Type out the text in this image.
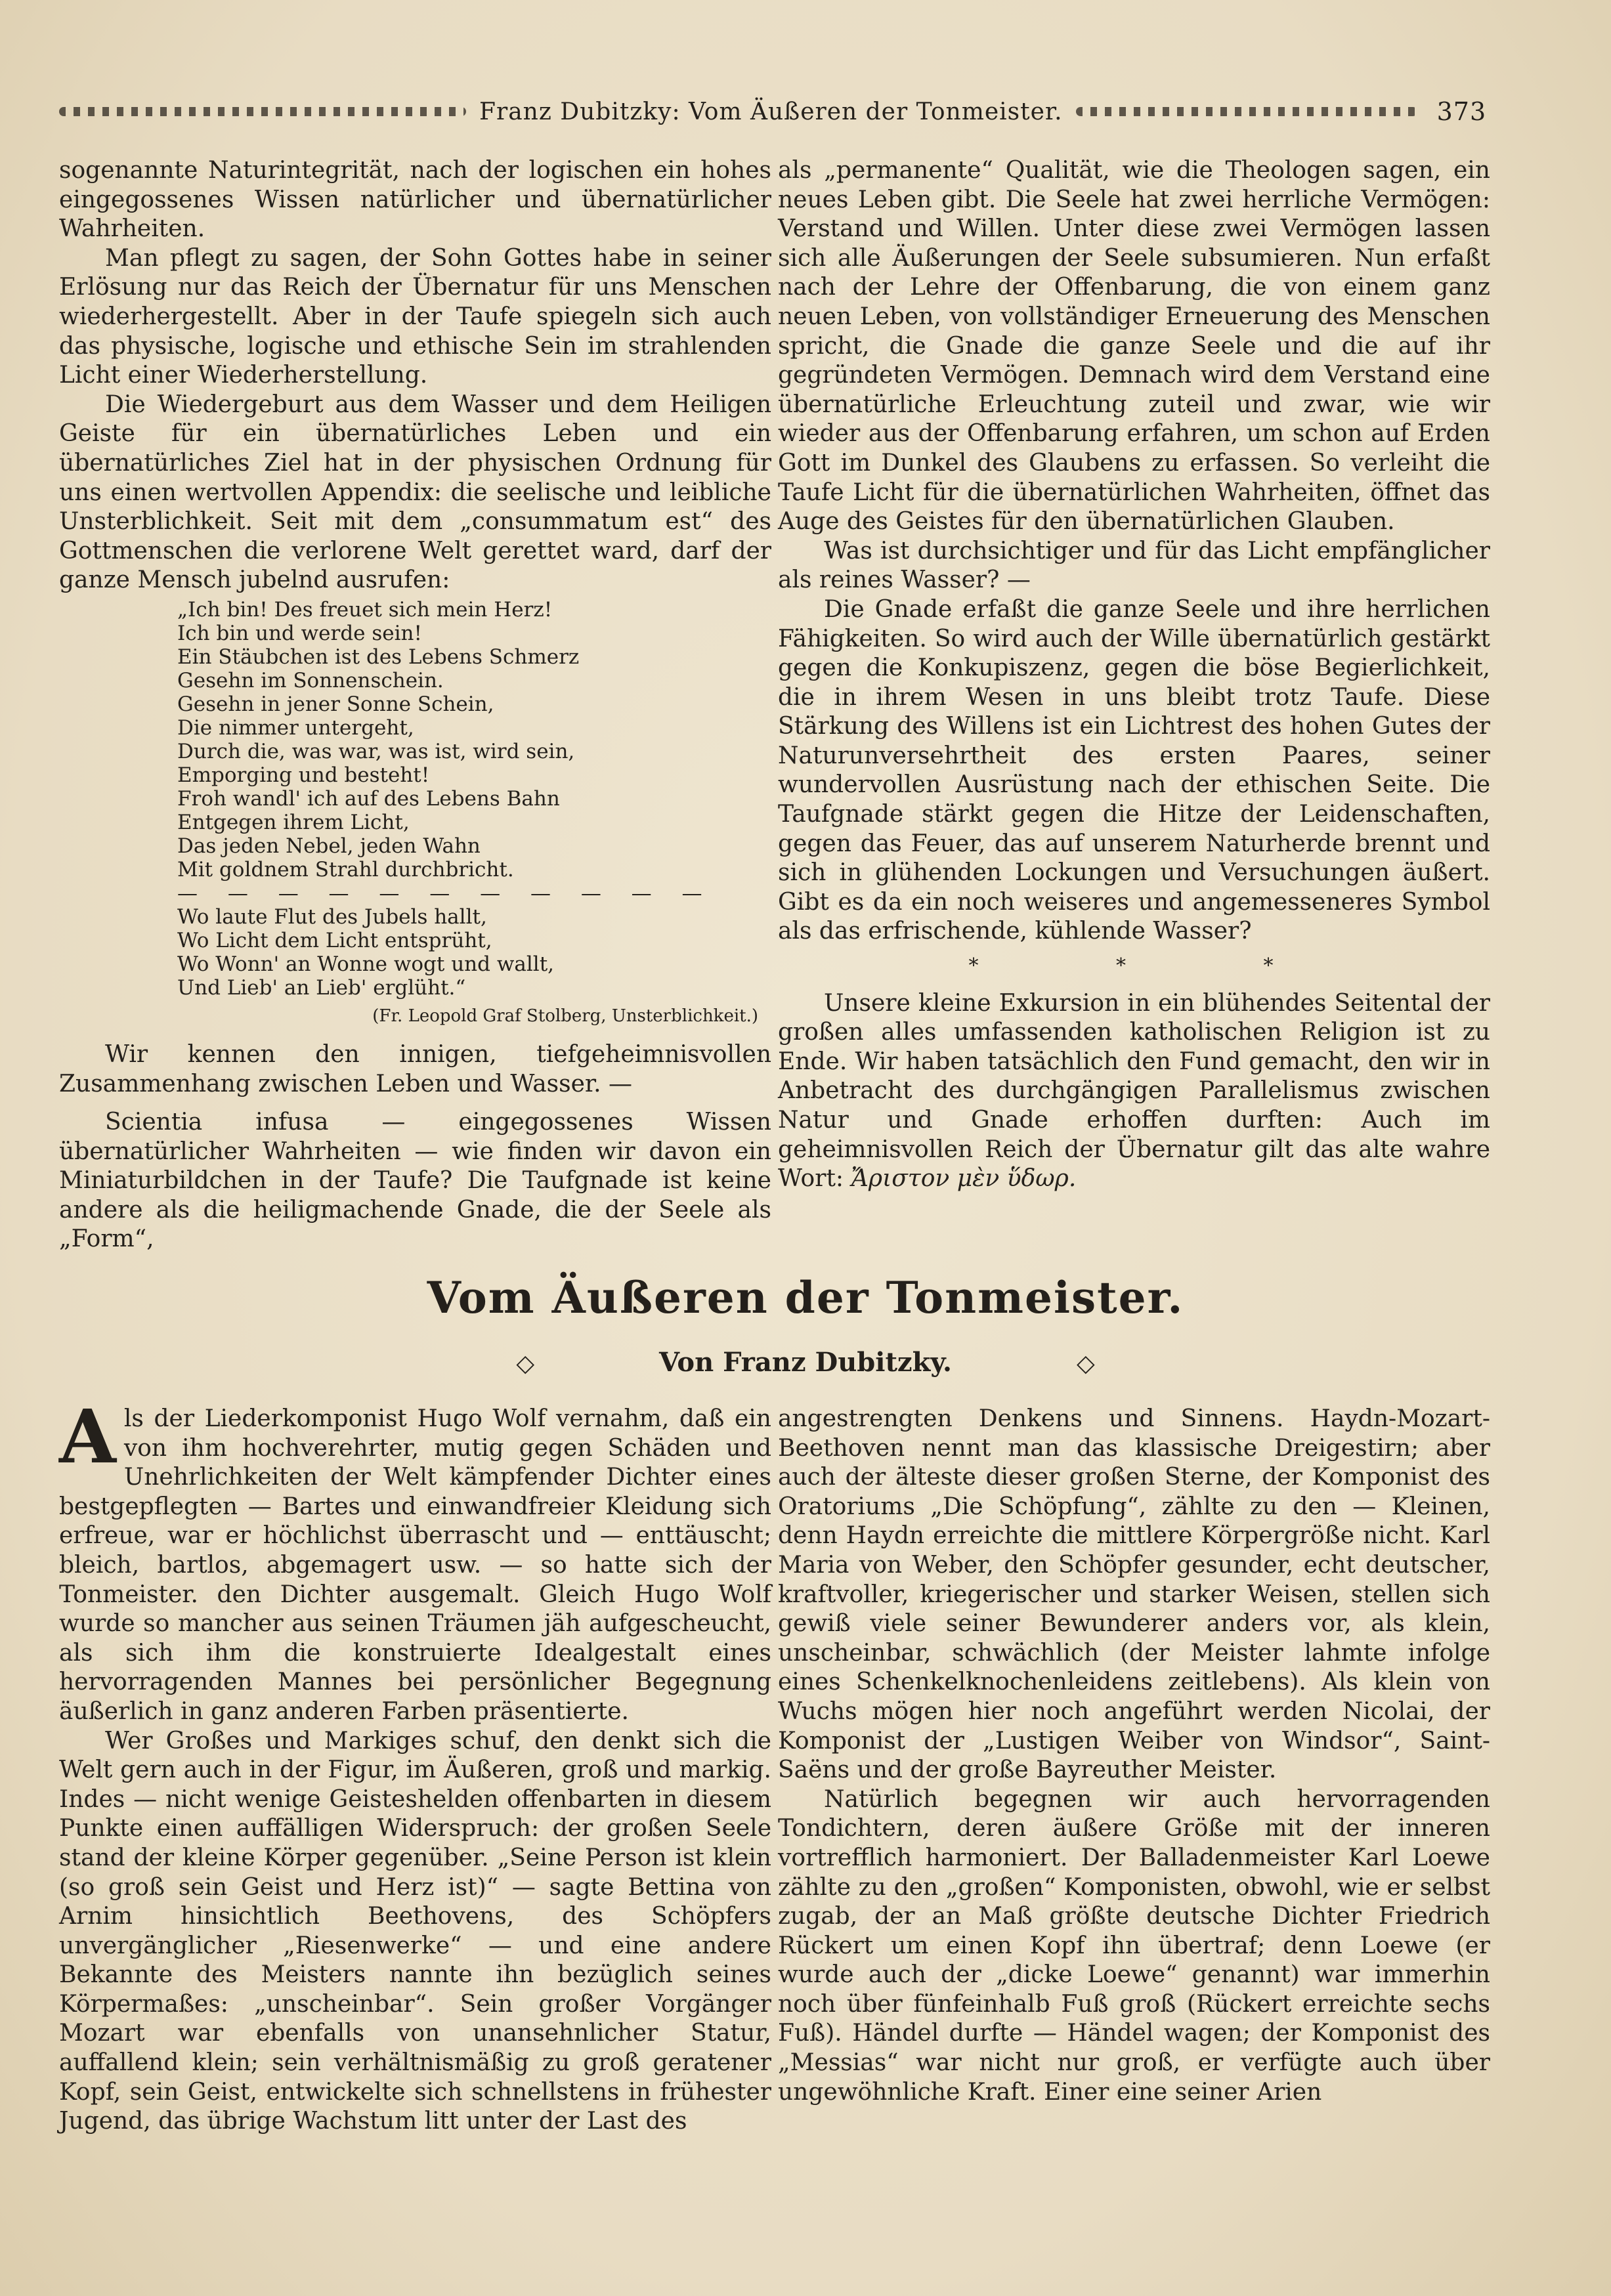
Franz Dubitzky: Vom Äußeren der Tonmeister.	373

sogenannte Naturintegrität, nach der logischen ein hohes eingegossenes Wissen natürlicher und übernatürlicher Wahrheiten.

Man pflegt zu sagen, der Sohn Gottes habe in seiner Erlösung nur das Reich der Übernatur für uns Menschen wiederhergestellt. Aber in der Taufe spiegeln sich auch das physische, logische und ethische Sein im strahlenden Licht einer Wiederherstellung.

Die Wiedergeburt aus dem Wasser und dem Heiligen Geiste für ein übernatürliches Leben und ein übernatürliches Ziel hat in der physischen Ordnung für uns einen wertvollen Appendix: die seelische und leibliche Unsterblichkeit. Seit mit dem „consummatum est“ des Gottmenschen die verlorene Welt gerettet ward, darf der ganze Mensch jubelnd ausrufen:

„Ich bin! Des freuet sich mein Herz!
Ich bin und werde sein!
Ein Stäubchen ist des Lebens Schmerz
Gesehn im Sonnenschein.
Gesehn in jener Sonne Schein,
Die nimmer untergeht,
Durch die, was war, was ist, wird sein,
Emporging und besteht!
Froh wandl' ich auf des Lebens Bahn
Entgegen ihrem Licht,
Das jeden Nebel, jeden Wahn
Mit goldnem Strahl durchbricht.
— — — — — — — — — — —
Wo laute Flut des Jubels hallt,
Wo Licht dem Licht entsprüht,
Wo Wonn' an Wonne wogt und wallt,
Und Lieb' an Lieb' erglüht.“
(Fr. Leopold Graf Stolberg, Unsterblichkeit.)

Wir kennen den innigen, tiefgeheimnisvollen Zusammenhang zwischen Leben und Wasser. —

Scientia infusa — eingegossenes Wissen übernatürlicher Wahrheiten — wie finden wir davon ein Miniaturbildchen in der Taufe? Die Taufgnade ist keine andere als die heiligmachende Gnade, die der Seele als „Form“,

als „permanente“ Qualität, wie die Theologen sagen, ein neues Leben gibt. Die Seele hat zwei herrliche Vermögen: Verstand und Willen. Unter diese zwei Vermögen lassen sich alle Äußerungen der Seele subsumieren. Nun erfaßt nach der Lehre der Offenbarung, die von einem ganz neuen Leben, von vollständiger Erneuerung des Menschen spricht, die Gnade die ganze Seele und die auf ihr gegründeten Vermögen. Demnach wird dem Verstand eine übernatürliche Erleuchtung zuteil und zwar, wie wir wieder aus der Offenbarung erfahren, um schon auf Erden Gott im Dunkel des Glaubens zu erfassen. So verleiht die Taufe Licht für die übernatürlichen Wahrheiten, öffnet das Auge des Geistes für den übernatürlichen Glauben.

Was ist durchsichtiger und für das Licht empfänglicher als reines Wasser? —

Die Gnade erfaßt die ganze Seele und ihre herrlichen Fähigkeiten. So wird auch der Wille übernatürlich gestärkt gegen die Konkupiszenz, gegen die böse Begierlichkeit, die in ihrem Wesen in uns bleibt trotz Taufe. Diese Stärkung des Willens ist ein Lichtrest des hohen Gutes der Naturunversehrtheit des ersten Paares, seiner wundervollen Ausrüstung nach der ethischen Seite. Die Taufgnade stärkt gegen die Hitze der Leidenschaften, gegen das Feuer, das auf unserem Naturherde brennt und sich in glühenden Lockungen und Versuchungen äußert. Gibt es da ein noch weiseres und angemesseneres Symbol als das erfrischende, kühlende Wasser?

* * *

Unsere kleine Exkursion in ein blühendes Seitental der großen alles umfassenden katholischen Religion ist zu Ende. Wir haben tatsächlich den Fund gemacht, den wir in Anbetracht des durchgängigen Parallelismus zwischen Natur und Gnade erhoffen durften: Auch im geheimnisvollen Reich der Übernatur gilt das alte wahre Wort: Ἄριστον μὲν ὕδωρ.

Vom Äußeren der Tonmeister.
◇	Von Franz Dubitzky.	◇

Als der Liederkomponist Hugo Wolf vernahm, daß ein von ihm hochverehrter, mutig gegen Schäden und Unehrlichkeiten der Welt kämpfender Dichter eines bestgepflegten — Bartes und einwandfreier Kleidung sich erfreue, war er höchlichst überrascht und — enttäuscht; bleich, bartlos, abgemagert usw. — so hatte sich der Tonmeister. den Dichter ausgemalt. Gleich Hugo Wolf wurde so mancher aus seinen Träumen jäh aufgescheucht, als sich ihm die konstruierte Idealgestalt eines hervorragenden Mannes bei persönlicher Begegnung äußerlich in ganz anderen Farben präsentierte.

Wer Großes und Markiges schuf, den denkt sich die Welt gern auch in der Figur, im Äußeren, groß und markig. Indes — nicht wenige Geisteshelden offenbarten in diesem Punkte einen auffälligen Widerspruch: der großen Seele stand der kleine Körper gegenüber. „Seine Person ist klein (so groß sein Geist und Herz ist)“ — sagte Bettina von Arnim hinsichtlich Beethovens, des Schöpfers unvergänglicher „Riesenwerke“ — und eine andere Bekannte des Meisters nannte ihn bezüglich seines Körpermaßes: „unscheinbar“. Sein großer Vorgänger Mozart war ebenfalls von unansehnlicher Statur, auffallend klein; sein verhältnismäßig zu groß geratener Kopf, sein Geist, entwickelte sich schnellstens in frühester Jugend, das übrige Wachstum litt unter der Last des

angestrengten Denkens und Sinnens. Haydn-Mozart-Beethoven nennt man das klassische Dreigestirn; aber auch der älteste dieser großen Sterne, der Komponist des Oratoriums „Die Schöpfung“, zählte zu den — Kleinen, denn Haydn erreichte die mittlere Körpergröße nicht. Karl Maria von Weber, den Schöpfer gesunder, echt deutscher, kraftvoller, kriegerischer und starker Weisen, stellen sich gewiß viele seiner Bewunderer anders vor, als klein, unscheinbar, schwächlich (der Meister lahmte infolge eines Schenkelknochenleidens zeitlebens). Als klein von Wuchs mögen hier noch angeführt werden Nicolai, der Komponist der „Lustigen Weiber von Windsor“, Saint-Saëns und der große Bayreuther Meister.

Natürlich begegnen wir auch hervorragenden Tondichtern, deren äußere Größe mit der inneren vortrefflich harmoniert. Der Balladenmeister Karl Loewe zählte zu den „großen“ Komponisten, obwohl, wie er selbst zugab, der an Maß größte deutsche Dichter Friedrich Rückert um einen Kopf ihn übertraf; denn Loewe (er wurde auch der „dicke Loewe“ genannt) war immerhin noch über fünfeinhalb Fuß groß (Rückert erreichte sechs Fuß). Händel durfte — Händel wagen; der Komponist des „Messias“ war nicht nur groß, er verfügte auch über ungewöhnliche Kraft. Einer eine seiner Arien
